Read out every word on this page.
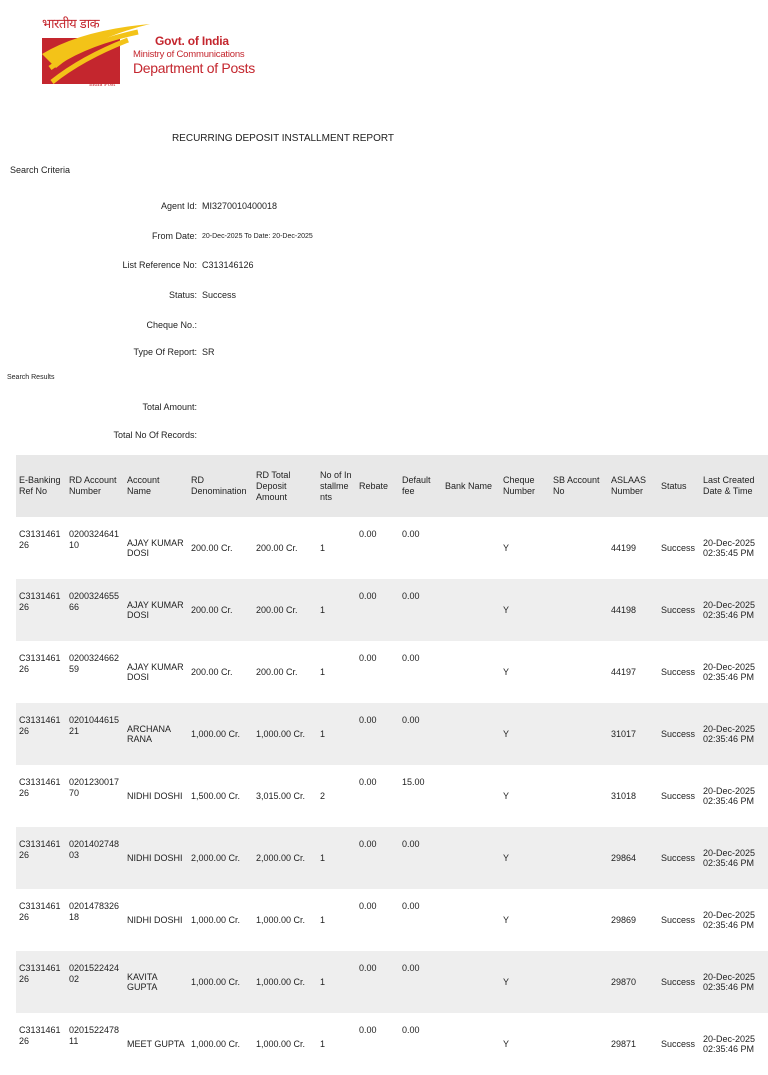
भारतीय डाक
India Post
Govt. of India
Ministry of Communications
Department of Posts
RECURRING DEPOSIT INSTALLMENT REPORT
Search Criteria
Agent Id: MI3270010400018
From Date: 20-Dec-2025 To Date: 20-Dec-2025
List Reference No: C313146126
Status: Success
Cheque No.:
Type Of Report: SR
Search Results
Total Amount:
Total No Of Records:
E-Banking Ref No	RD Account Number	Account Name	RD Denomination	RD Total Deposit Amount	No of Installments	Rebate	Default fee	Bank Name	Cheque Number	SB Account No	ASLAAS Number	Status	Last Created Date & Time
C313146126	020032464110	AJAY KUMAR DOSI	200.00 Cr.	200.00 Cr.	1	0.00	0.00		Y		44199	Success	20-Dec-2025 02:35:45 PM
C313146126	020032465566	AJAY KUMAR DOSI	200.00 Cr.	200.00 Cr.	1	0.00	0.00		Y		44198	Success	20-Dec-2025 02:35:46 PM
C313146126	020032466259	AJAY KUMAR DOSI	200.00 Cr.	200.00 Cr.	1	0.00	0.00		Y		44197	Success	20-Dec-2025 02:35:46 PM
C313146126	020104461521	ARCHANA RANA	1,000.00 Cr.	1,000.00 Cr.	1	0.00	0.00		Y		31017	Success	20-Dec-2025 02:35:46 PM
C313146126	020123001770	NIDHI DOSHI	1,500.00 Cr.	3,015.00 Cr.	2	0.00	15.00		Y		31018	Success	20-Dec-2025 02:35:46 PM
C313146126	020140274803	NIDHI DOSHI	2,000.00 Cr.	2,000.00 Cr.	1	0.00	0.00		Y		29864	Success	20-Dec-2025 02:35:46 PM
C313146126	020147832618	NIDHI DOSHI	1,000.00 Cr.	1,000.00 Cr.	1	0.00	0.00		Y		29869	Success	20-Dec-2025 02:35:46 PM
C313146126	020152242402	KAVITA GUPTA	1,000.00 Cr.	1,000.00 Cr.	1	0.00	0.00		Y		29870	Success	20-Dec-2025 02:35:46 PM
C313146126	020152247811	MEET GUPTA	1,000.00 Cr.	1,000.00 Cr.	1	0.00	0.00		Y		29871	Success	20-Dec-2025 02:35:46 PM
